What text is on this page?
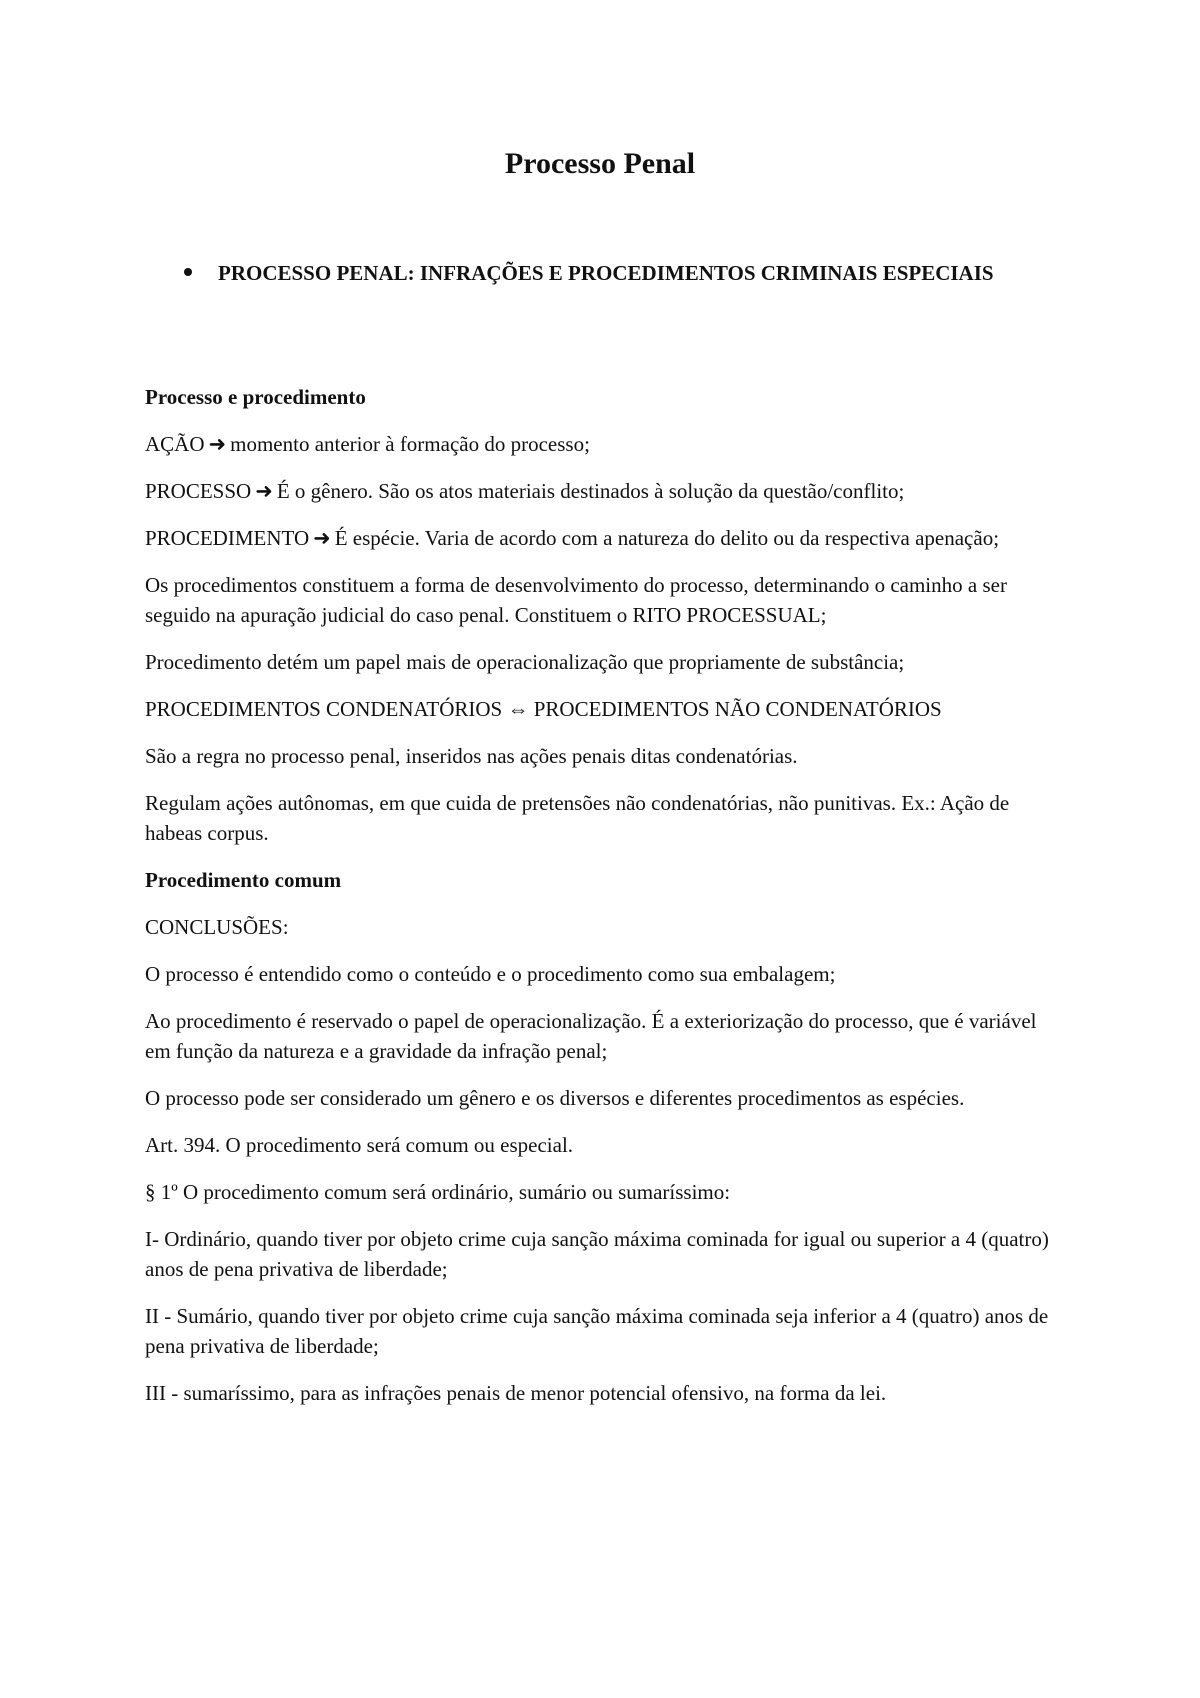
Processo Penal
PROCESSO PENAL: INFRAÇÕES E PROCEDIMENTOS CRIMINAIS ESPECIAIS

Processo e procedimento

AÇÃO ➜ momento anterior à formação do processo;

PROCESSO ➜ É o gênero. São os atos materiais destinados à solução da questão/conflito;

PROCEDIMENTO ➜ É espécie. Varia de acordo com a natureza do delito ou da respectiva apenação;

Os procedimentos constituem a forma de desenvolvimento do processo, determinando o caminho a ser seguido na apuração judicial do caso penal. Constituem o RITO PROCESSUAL;

Procedimento detém um papel mais de operacionalização que propriamente de substância;

PROCEDIMENTOS CONDENATÓRIOS ⇔ PROCEDIMENTOS NÃO CONDENATÓRIOS

São a regra no processo penal, inseridos nas ações penais ditas condenatórias.

Regulam ações autônomas, em que cuida de pretensões não condenatórias, não punitivas. Ex.: Ação de habeas corpus.

Procedimento comum

CONCLUSÕES:

O processo é entendido como o conteúdo e o procedimento como sua embalagem;

Ao procedimento é reservado o papel de operacionalização. É a exteriorização do processo, que é variável em função da natureza e a gravidade da infração penal;

O processo pode ser considerado um gênero e os diversos e diferentes procedimentos as espécies.

Art. 394. O procedimento será comum ou especial.

§ 1º O procedimento comum será ordinário, sumário ou sumaríssimo:

I- Ordinário, quando tiver por objeto crime cuja sanção máxima cominada for igual ou superior a 4 (quatro) anos de pena privativa de liberdade;

II - Sumário, quando tiver por objeto crime cuja sanção máxima cominada seja inferior a 4 (quatro) anos de pena privativa de liberdade;

III - sumaríssimo, para as infrações penais de menor potencial ofensivo, na forma da lei.
